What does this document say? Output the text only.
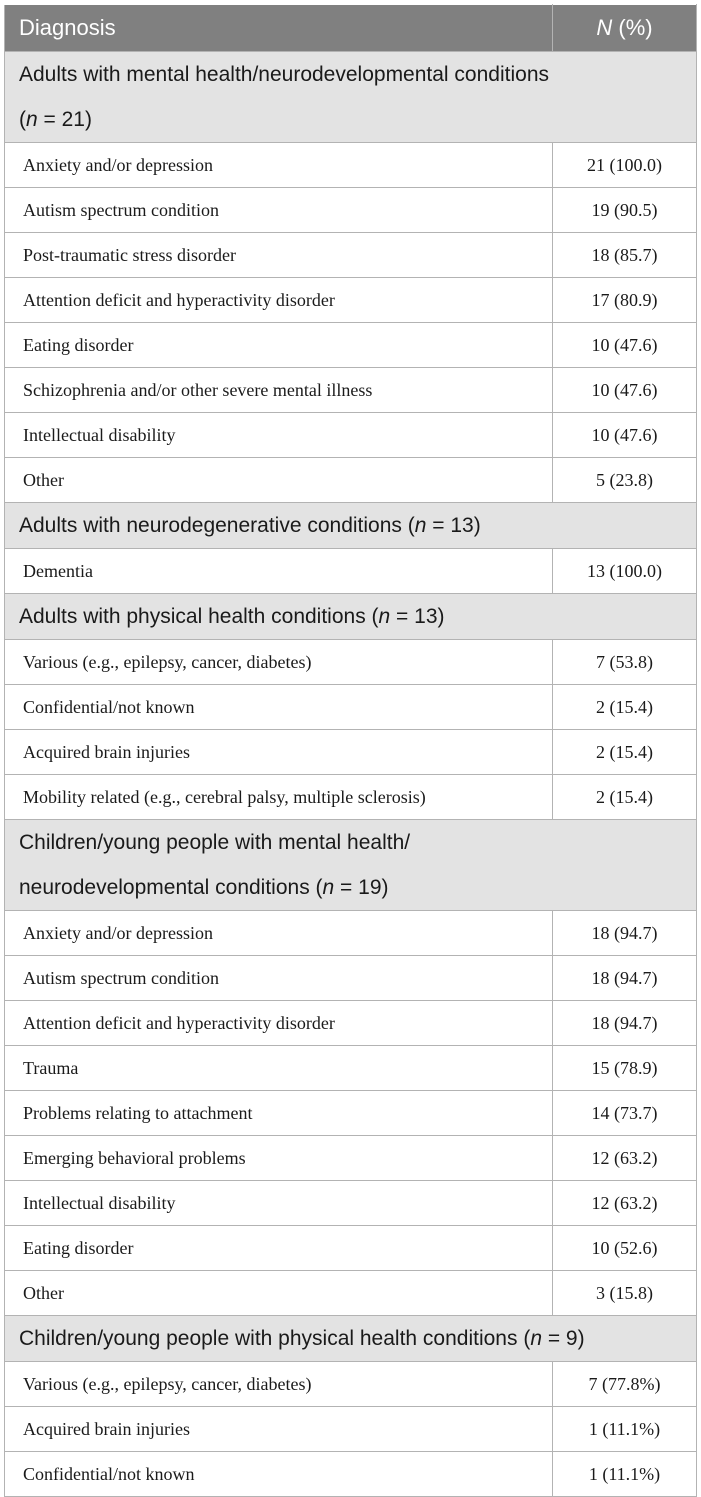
Diagnosis	N (%)
Adults with mental health/neurodevelopmental conditions
(n = 21)	
Anxiety and/or depression	21 (100.0)
Autism spectrum condition	19 (90.5)
Post-traumatic stress disorder	18 (85.7)
Attention deficit and hyperactivity disorder	17 (80.9)
Eating disorder	10 (47.6)
Schizophrenia and/or other severe mental illness	10 (47.6)
Intellectual disability	10 (47.6)
Other	5 (23.8)
Adults with neurodegenerative conditions (n = 13)	
Dementia	13 (100.0)
Adults with physical health conditions (n = 13)	
Various (e.g., epilepsy, cancer, diabetes)	7 (53.8)
Confidential/not known	2 (15.4)
Acquired brain injuries	2 (15.4)
Mobility related (e.g., cerebral palsy, multiple sclerosis)	2 (15.4)
Children/young people with mental health/
neurodevelopmental conditions (n = 19)	
Anxiety and/or depression	18 (94.7)
Autism spectrum condition	18 (94.7)
Attention deficit and hyperactivity disorder	18 (94.7)
Trauma	15 (78.9)
Problems relating to attachment	14 (73.7)
Emerging behavioral problems	12 (63.2)
Intellectual disability	12 (63.2)
Eating disorder	10 (52.6)
Other	3 (15.8)
Children/young people with physical health conditions (n = 9)	
Various (e.g., epilepsy, cancer, diabetes)	7 (77.8%)
Acquired brain injuries	1 (11.1%)
Confidential/not known	1 (11.1%)
